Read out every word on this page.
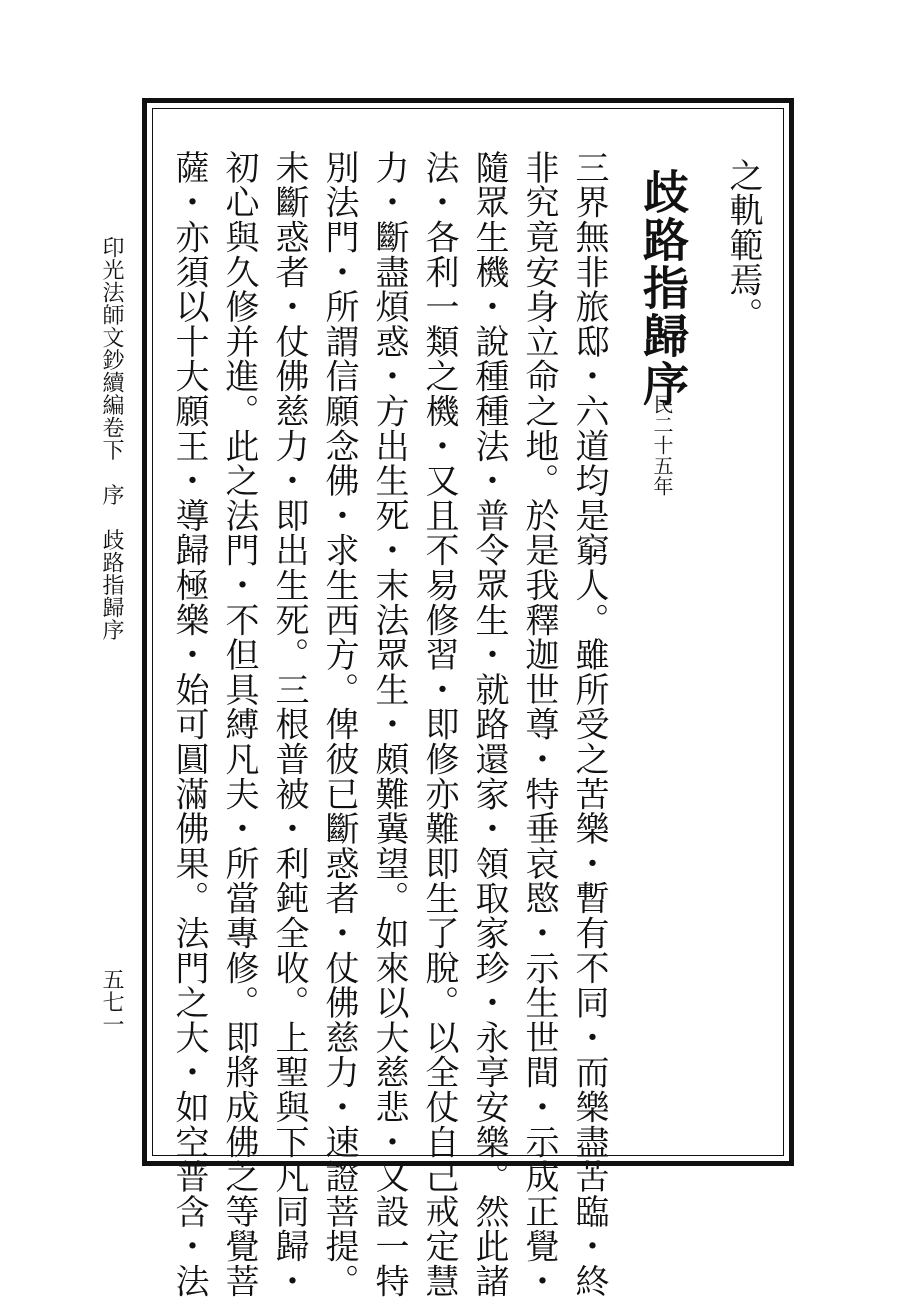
之軌範焉。
歧路指歸序
民二十五年
三界無非旅邸・六道均是窮人。雖所受之苦樂・暫有不同・而樂盡苦臨・終
非究竟安身立命之地。於是我釋迦世尊・特垂哀愍・示生世間・示成正覺・
隨眾生機・說種種法・普令眾生・就路還家・領取家珍・永享安樂。然此諸
法・各利一類之機・又且不易修習・即修亦難即生了脫。以全仗自己戒定慧
力・斷盡煩惑・方出生死・末法眾生・頗難冀望。如來以大慈悲・又設一特
別法門・所謂信願念佛・求生西方。俾彼已斷惑者・仗佛慈力・速證菩提。
未斷惑者・仗佛慈力・即出生死。三根普被・利鈍全收。上聖與下凡同歸・
初心與久修并進。此之法門・不但具縛凡夫・所當專修。即將成佛之等覺菩
薩・亦須以十大願王・導歸極樂・始可圓滿佛果。法門之大・如空普含・法
印光法師文鈔續編卷下　序　歧路指歸序
五七一
